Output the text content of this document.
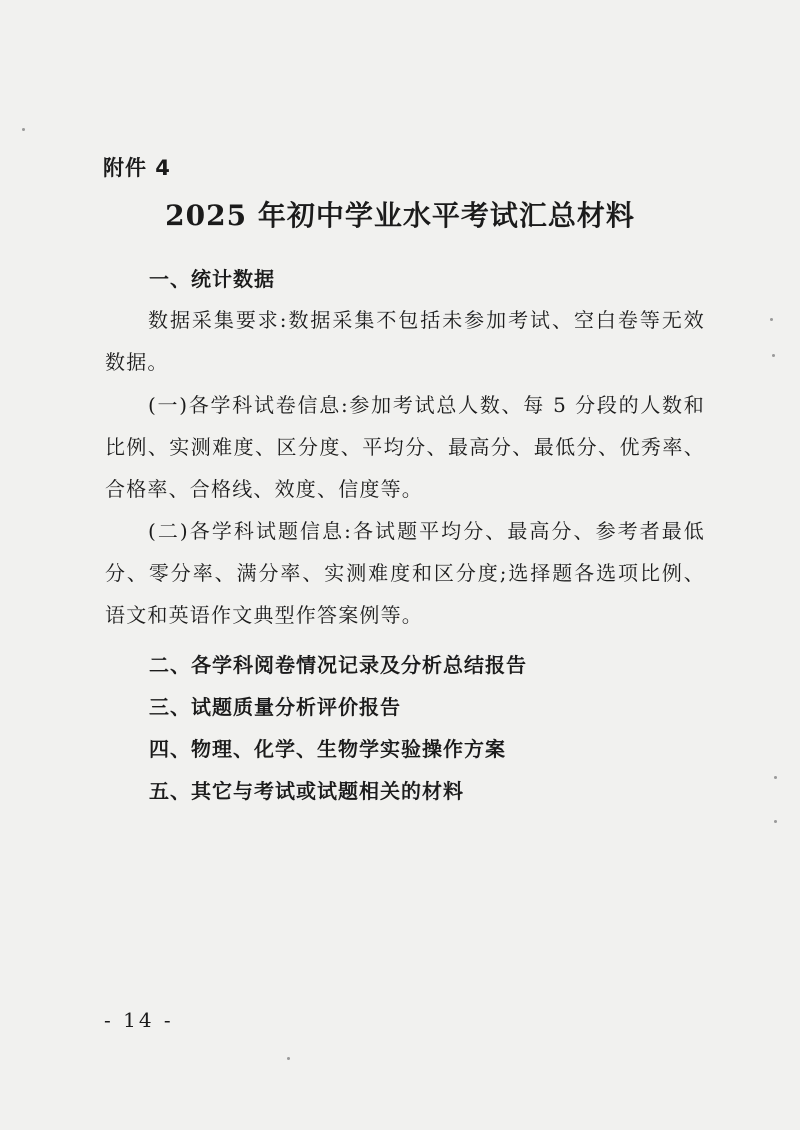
附件 4
2025 年初中学业水平考试汇总材料
一、统计数据
数据采集要求:数据采集不包括未参加考试、空白卷等无效数据。
(一)各学科试卷信息:参加考试总人数、每 5 分段的人数和比例、实测难度、区分度、平均分、最高分、最低分、优秀率、合格率、合格线、效度、信度等。
(二)各学科试题信息:各试题平均分、最高分、参考者最低分、零分率、满分率、实测难度和区分度;选择题各选项比例、语文和英语作文典型作答案例等。
二、各学科阅卷情况记录及分析总结报告
三、试题质量分析评价报告
四、物理、化学、生物学实验操作方案
五、其它与考试或试题相关的材料
- 14 -
